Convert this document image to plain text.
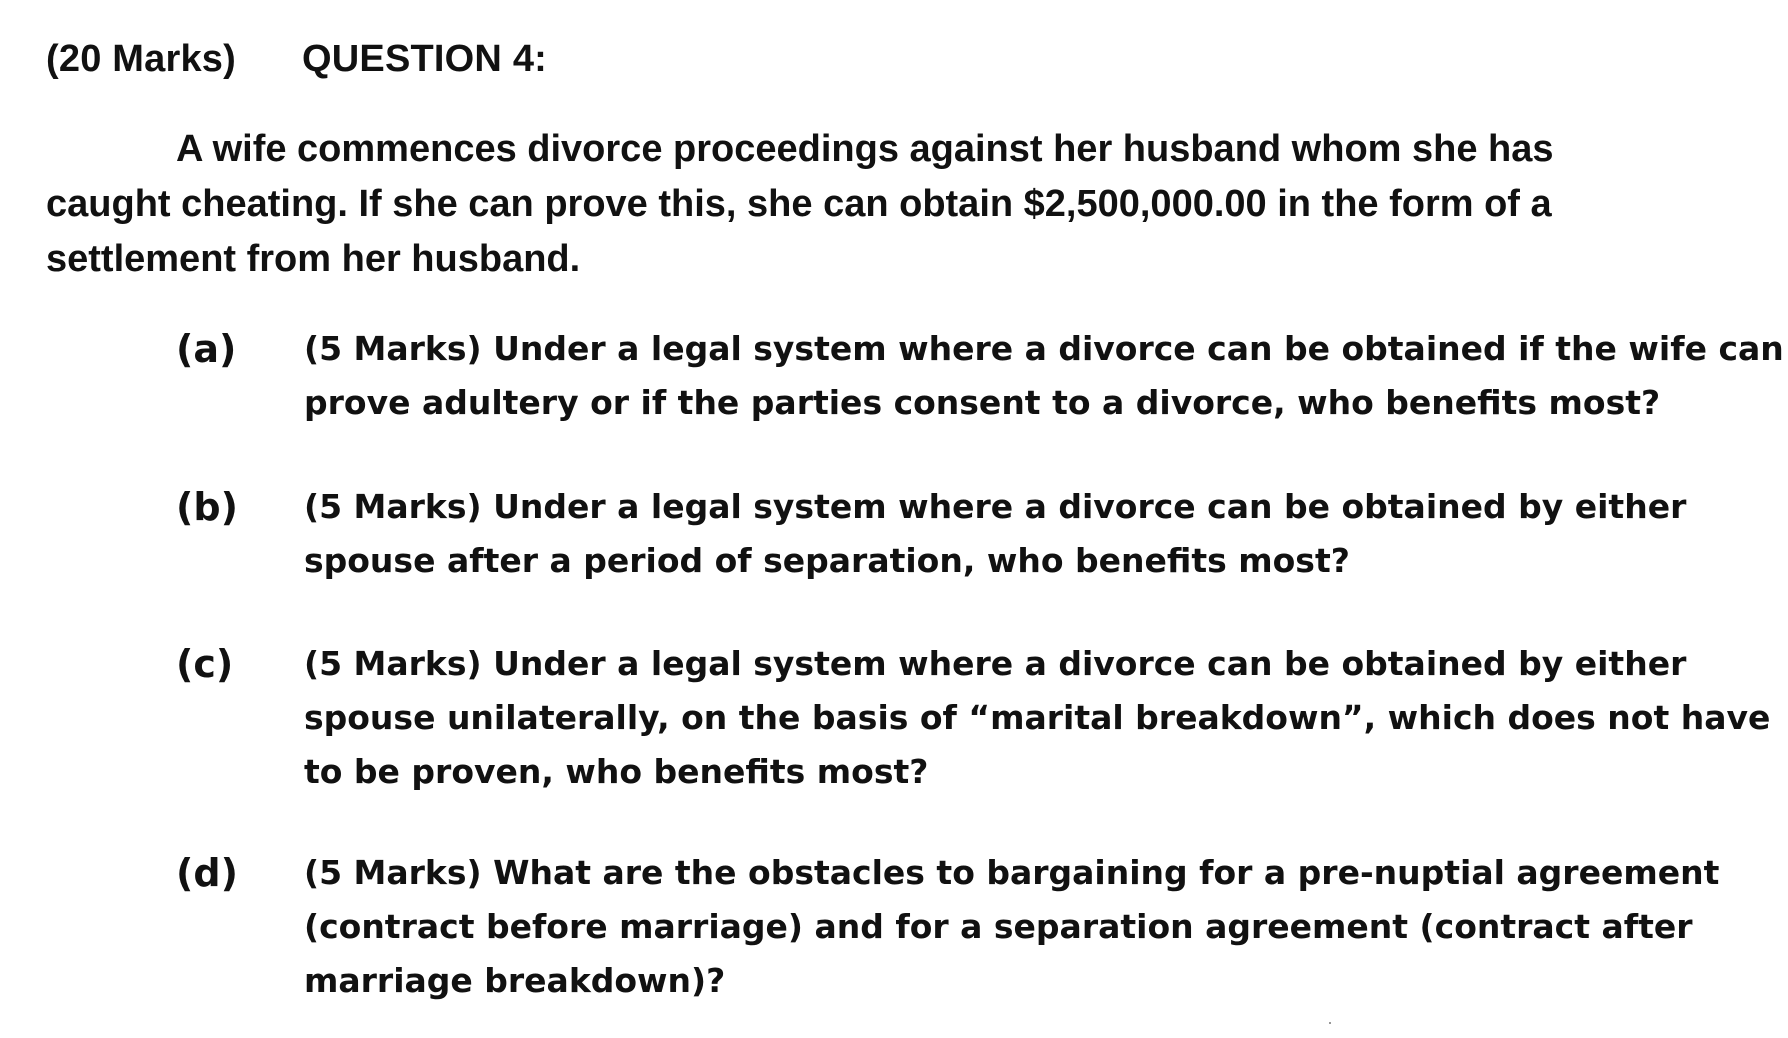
(20 Marks) QUESTION 4:
A wife commences divorce proceedings against her husband whom she has
caught cheating. If she can prove this, she can obtain $2,500,000.00 in the form of a
settlement from her husband.
(a) (5 Marks) Under a legal system where a divorce can be obtained if the wife can
prove adultery or if the parties consent to a divorce, who benefits most?
(b) (5 Marks) Under a legal system where a divorce can be obtained by either
spouse after a period of separation, who benefits most?
(c) (5 Marks) Under a legal system where a divorce can be obtained by either
spouse unilaterally, on the basis of “marital breakdown”, which does not have
to be proven, who benefits most?
(d) (5 Marks) What are the obstacles to bargaining for a pre-nuptial agreement
(contract before marriage) and for a separation agreement (contract after
marriage breakdown)?
